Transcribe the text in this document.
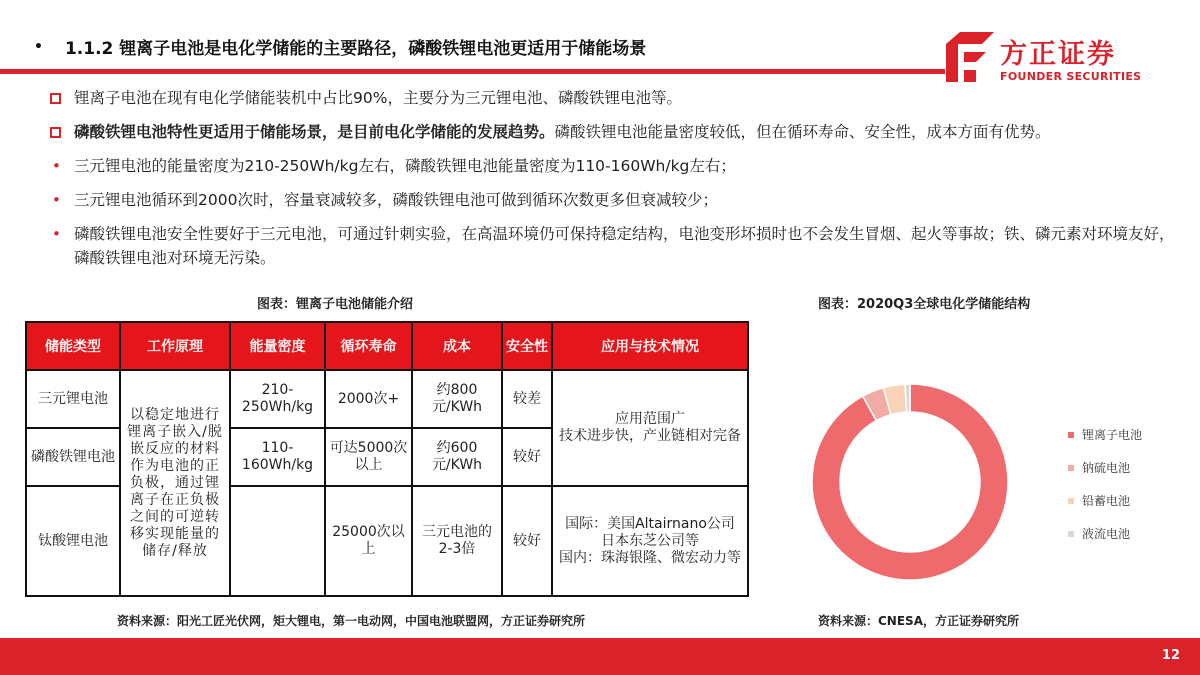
• 1.1.2 锂离子电池是电化学储能的主要路径，磷酸铁锂电池更适用于储能场景	方正证券
FOUNDER SECURITIES
锂离子电池在现有电化学储能装机中占比90%，主要分为三元锂电池、磷酸铁锂电池等。
磷酸铁锂电池特性更适用于储能场景，是目前电化学储能的发展趋势。磷酸铁锂电池能量密度较低，但在循环寿命、安全性，成本方面有优势。
• 三元锂电池的能量密度为210-250Wh/kg左右，磷酸铁锂电池能量密度为110-160Wh/kg左右；
• 三元锂电池循环到2000次时，容量衰减较多，磷酸铁锂电池可做到循环次数更多但衰减较少；
• 磷酸铁锂电池安全性要好于三元电池，可通过针刺实验，在高温环境仍可保持稳定结构，电池变形坏损时也不会发生冒烟、起火等事故；铁、磷元素对环境友好，磷酸铁锂电池对环境无污染。
图表：锂离子电池储能介绍
储能类型	工作原理	能量密度	循环寿命	成本	安全性	应用与技术情况
三元锂电池	以稳定地进行锂离子嵌入/脱嵌反应的材料作为电池的正负极，通过锂离子在正负极之间的可逆转移实现能量的储存/释放	210-250Wh/kg	2000次+	约800元/KWh	较差	应用范围广
技术进步快，产业链相对完备

磷酸铁锂电池		110-160Wh/kg	可达5000次以上	约600元/KWh	较好	
钛酸锂电池			25000次以上	三元电池的2-3倍	较好	国际：美国Altairnano公司
日本东芝公司等
国内：珠海银隆、微宏动力等
资料来源：阳光工匠光伏网，矩大锂电，第一电动网，中国电池联盟网，方正证券研究所
图表：2020Q3全球电化学储能结构
锂离子电池
钠硫电池
铅蓄电池
液流电池
资料来源：CNESA，方正证券研究所
12
